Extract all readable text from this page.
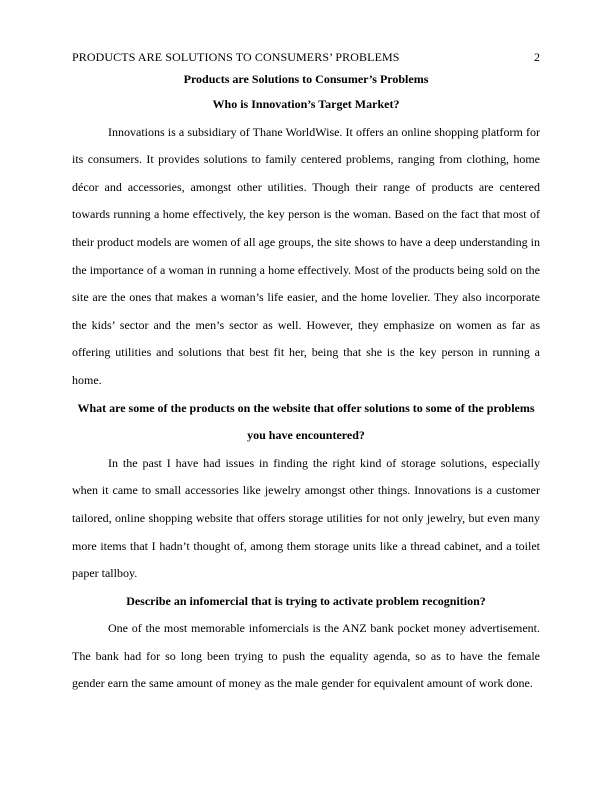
PRODUCTS ARE SOLUTIONS TO CONSUMERS’ PROBLEMS	2

Products are Solutions to Consumer’s Problems

Who is Innovation’s Target Market?

Innovations is a subsidiary of Thane WorldWise. It offers an online shopping platform for its consumers. It provides solutions to family centered problems, ranging from clothing, home décor and accessories, amongst other utilities. Though their range of products are centered towards running a home effectively, the key person is the woman. Based on the fact that most of their product models are women of all age groups, the site shows to have a deep understanding in the importance of a woman in running a home effectively. Most of the products being sold on the site are the ones that makes a woman’s life easier, and the home lovelier. They also incorporate the kids’ sector and the men’s sector as well. However, they emphasize on women as far as offering utilities and solutions that best fit her, being that she is the key person in running a home.

What are some of the products on the website that offer solutions to some of the problems you have encountered?

In the past I have had issues in finding the right kind of storage solutions, especially when it came to small accessories like jewelry amongst other things. Innovations is a customer tailored, online shopping website that offers storage utilities for not only jewelry, but even many more items that I hadn’t thought of, among them storage units like a thread cabinet, and a toilet paper tallboy.

Describe an infomercial that is trying to activate problem recognition?

One of the most memorable infomercials is the ANZ bank pocket money advertisement. The bank had for so long been trying to push the equality agenda, so as to have the female gender earn the same amount of money as the male gender for equivalent amount of work done.
